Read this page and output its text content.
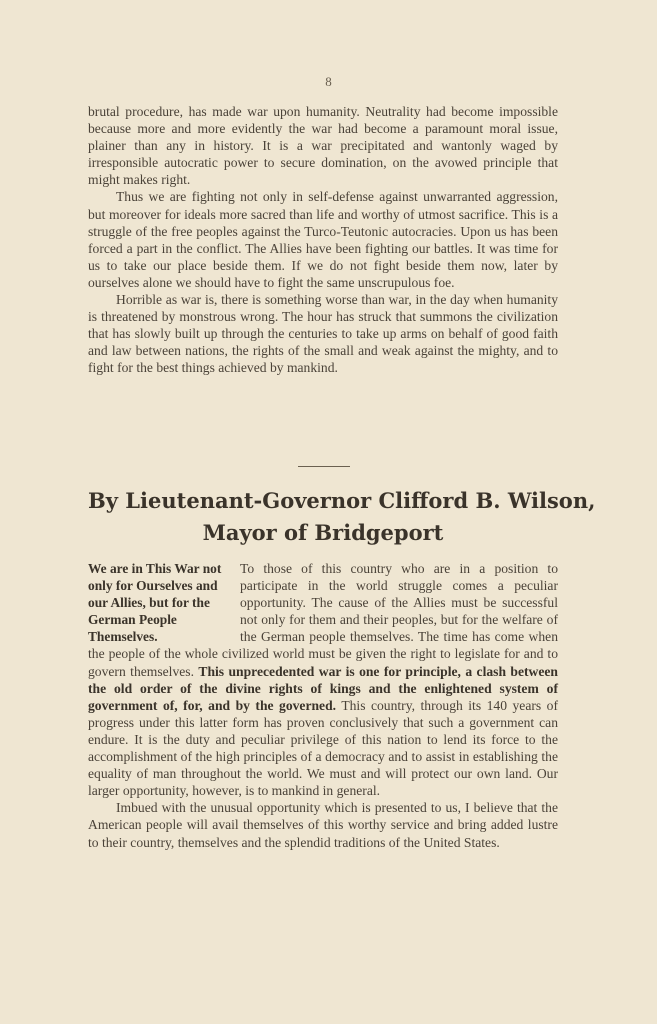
8

brutal procedure, has made war upon humanity. Neutrality had become impossible because more and more evidently the war had become a paramount moral issue, plainer than any in history. It is a war precipitated and wantonly waged by irresponsible autocratic power to secure domination, on the avowed principle that might makes right.

Thus we are fighting not only in self-defense against unwarranted aggression, but moreover for ideals more sacred than life and worthy of utmost sacrifice. This is a struggle of the free peoples against the Turco-Teutonic autocracies. Upon us has been forced a part in the conflict. The Allies have been fighting our battles. It was time for us to take our place beside them. If we do not fight beside them now, later by ourselves alone we should have to fight the same unscrupulous foe.

Horrible as war is, there is something worse than war, in the day when humanity is threatened by monstrous wrong. The hour has struck that summons the civilization that has slowly built up through the centuries to take up arms on behalf of good faith and law between nations, the rights of the small and weak against the mighty, and to fight for the best things achieved by mankind.

By Lieutenant-Governor Clifford B. Wilson,
Mayor of Bridgeport

We are in This War not only for Ourselves and our Allies, but for the German People Themselves.
To those of this country who are in a position to participate in the world struggle comes a peculiar opportunity. The cause of the Allies must be successful not only for them and their peoples, but for the welfare of the German people themselves. The time has come when the people of the whole civilized world must be given the right to legislate for and to govern themselves. This unprecedented war is one for principle, a clash between the old order of the divine rights of kings and the enlightened system of government of, for, and by the governed. This country, through its 140 years of progress under this latter form has proven conclusively that such a government can endure. It is the duty and peculiar privilege of this nation to lend its force to the accomplishment of the high principles of a democracy and to assist in establishing the equality of man throughout the world. We must and will protect our own land. Our larger opportunity, however, is to mankind in general.

Imbued with the unusual opportunity which is presented to us, I believe that the American people will avail themselves of this worthy service and bring added lustre to their country, themselves and the splendid traditions of the United States.
